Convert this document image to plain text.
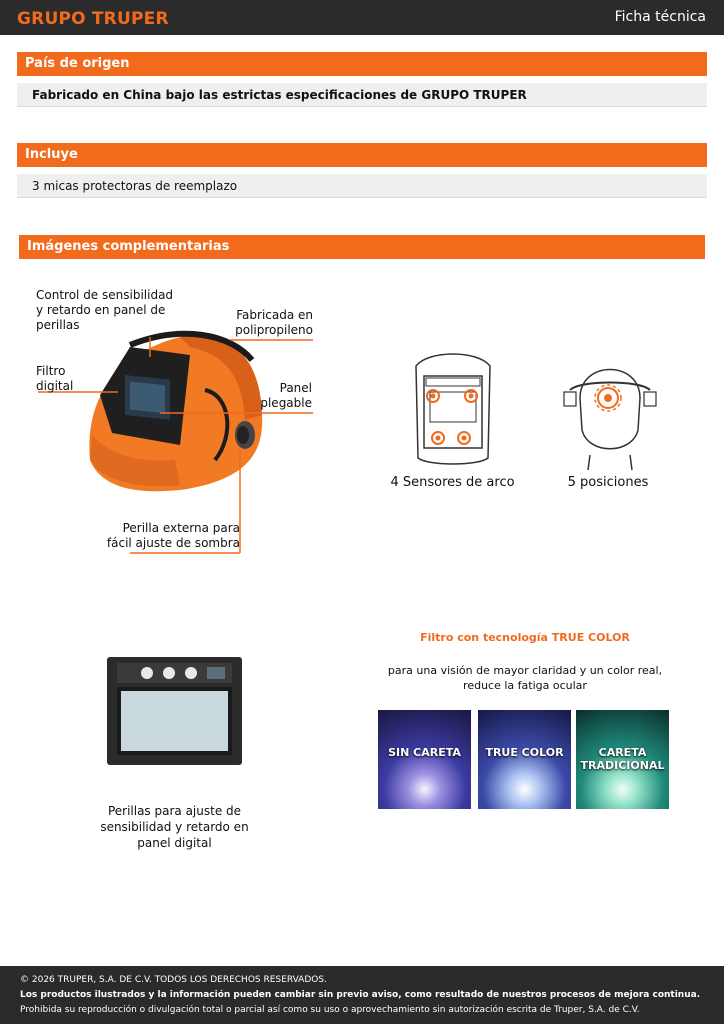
GRUPO TRUPER	Ficha técnica
País de origen
Fabricado en China bajo las estrictas especificaciones de GRUPO TRUPER
Incluye
3 micas protectoras de reemplazo
Imágenes complementarias
Control de sensibilidad y retardo en panel de perillas
Fabricada en polipropileno
Filtro digital	Panel plegable
Perilla externa para fácil ajuste de sombra
4 Sensores de arco	5 posiciones
Perillas para ajuste de sensibilidad y retardo en panel digital
Filtro con tecnología TRUE COLOR
para una visión de mayor claridad y un color real, reduce la fatiga ocular
SIN CARETA	TRUE COLOR	CARETA TRADICIONAL
© 2026 TRUPER, S.A. DE C.V. TODOS LOS DERECHOS RESERVADOS.
Los productos ilustrados y la información pueden cambiar sin previo aviso, como resultado de nuestros procesos de mejora continua.
Prohibida su reproducción o divulgación total o parcial así como su uso o aprovechamiento sin autorización escrita de Truper, S.A. de C.V.
